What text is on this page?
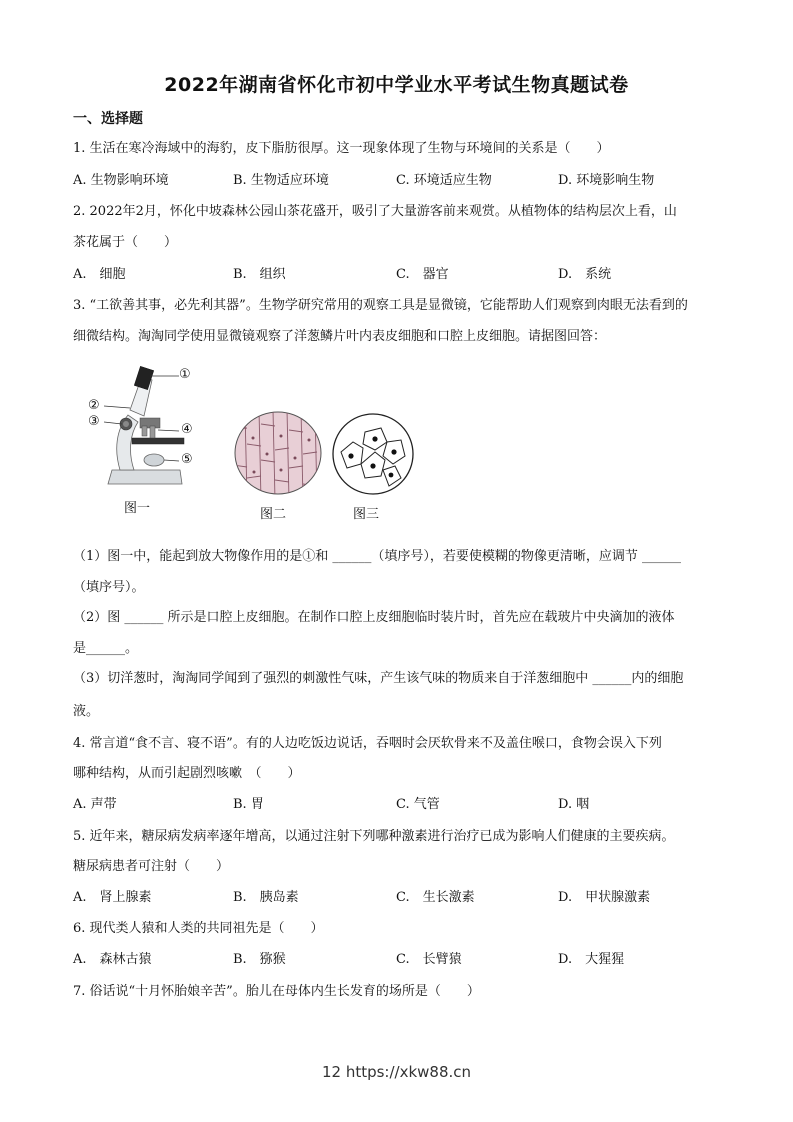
2022年湖南省怀化市初中学业水平考试生物真题试卷
一、选择题
1. 生活在寒冷海域中的海豹，皮下脂肪很厚。这一现象体现了生物与环境间的关系是（　　）
A. 生物影响环境	B. 生物适应环境	C. 环境适应生物	D. 环境影响生物
2. 2022年2月，怀化中坡森林公园山茶花盛开，吸引了大量游客前来观赏。从植物体的结构层次上看，山
茶花属于（　　）
A.　细胞	B.　组织	C.　器官	D.　系统
3. “工欲善其事，必先利其器”。生物学研究常用的观察工具是显微镜，它能帮助人们观察到肉眼无法看到的
细微结构。淘淘同学使用显微镜观察了洋葱鳞片叶内表皮细胞和口腔上皮细胞。请据图回答：
①
②
③
④
⑤
图一	图二	图三
（1）图一中，能起到放大物像作用的是①和 ______（填序号），若要使模糊的物像更清晰，应调节 ______
（填序号）。
（2）图 ______ 所示是口腔上皮细胞。在制作口腔上皮细胞临时装片时，首先应在载玻片中央滴加的液体
是______。
（3）切洋葱时，淘淘同学闻到了强烈的刺激性气味，产生该气味的物质来自于洋葱细胞中 ______内的细胞
液。
4. 常言道“食不言、寝不语”。有的人边吃饭边说话，吞咽时会厌软骨来不及盖住喉口，食物会误入下列
哪种结构，从而引起剧烈咳嗽　（　　）
A. 声带	B. 胃	C. 气管	D. 咽
5. 近年来，糖尿病发病率逐年增高，以通过注射下列哪种激素进行治疗已成为影响人们健康的主要疾病。
糖尿病患者可注射（　　）
A.　肾上腺素	B.　胰岛素	C.　生长激素	D.　甲状腺激素
6. 现代类人猿和人类的共同祖先是（　　）
A.　森林古猿	B.　猕猴	C.　长臂猿	D.　大猩猩
7. 俗话说“十月怀胎娘辛苦”。胎儿在母体内生长发育的场所是（　　）
12 https://xkw88.cn
